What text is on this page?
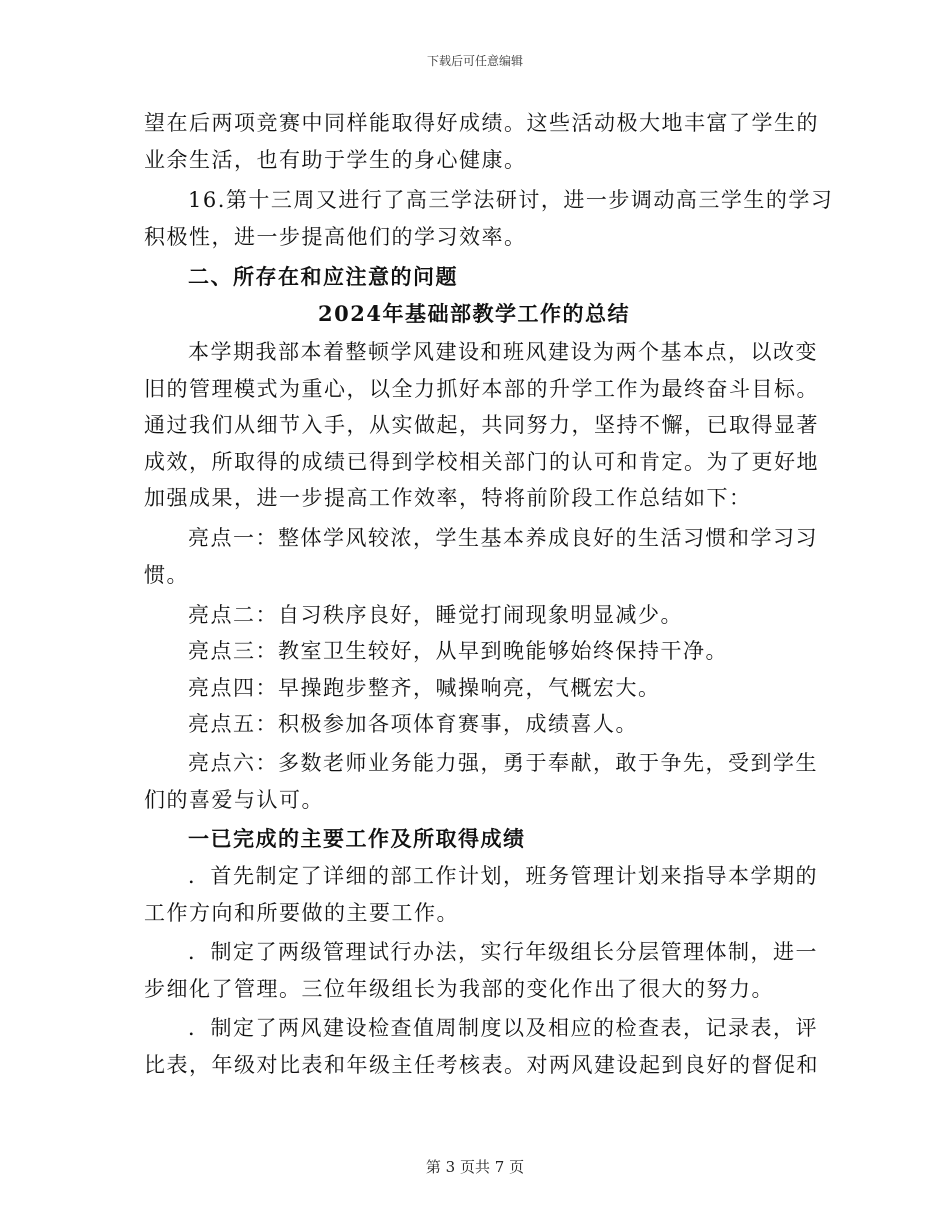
下载后可任意编辑
望在后两项竞赛中同样能取得好成绩。这些活动极大地丰富了学生的
业余生活，也有助于学生的身心健康。
16.第十三周又进行了高三学法研讨，进一步调动高三学生的学习
积极性，进一步提高他们的学习效率。
二、所存在和应注意的问题
2024年基础部教学工作的总结
本学期我部本着整顿学风建设和班风建设为两个基本点，以改变
旧的管理模式为重心，以全力抓好本部的升学工作为最终奋斗目标。
通过我们从细节入手，从实做起，共同努力，坚持不懈，已取得显著
成效，所取得的成绩已得到学校相关部门的认可和肯定。为了更好地
加强成果，进一步提高工作效率，特将前阶段工作总结如下：
亮点一：整体学风较浓，学生基本养成良好的生活习惯和学习习
惯。
亮点二：自习秩序良好，睡觉打闹现象明显减少。
亮点三：教室卫生较好，从早到晚能够始终保持干净。
亮点四：早操跑步整齐，喊操响亮，气概宏大。
亮点五：积极参加各项体育赛事，成绩喜人。
亮点六：多数老师业务能力强，勇于奉献，敢于争先，受到学生
们的喜爱与认可。
一已完成的主要工作及所取得成绩
．首先制定了详细的部工作计划，班务管理计划来指导本学期的
工作方向和所要做的主要工作。
．制定了两级管理试行办法，实行年级组长分层管理体制，进一
步细化了管理。三位年级组长为我部的变化作出了很大的努力。
．制定了两风建设检查值周制度以及相应的检查表，记录表，评
比表，年级对比表和年级主任考核表。对两风建设起到良好的督促和
第 3 页共 7 页
